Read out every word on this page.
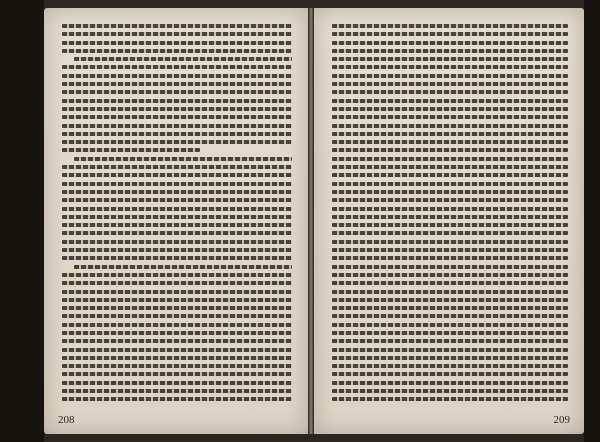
208	209
